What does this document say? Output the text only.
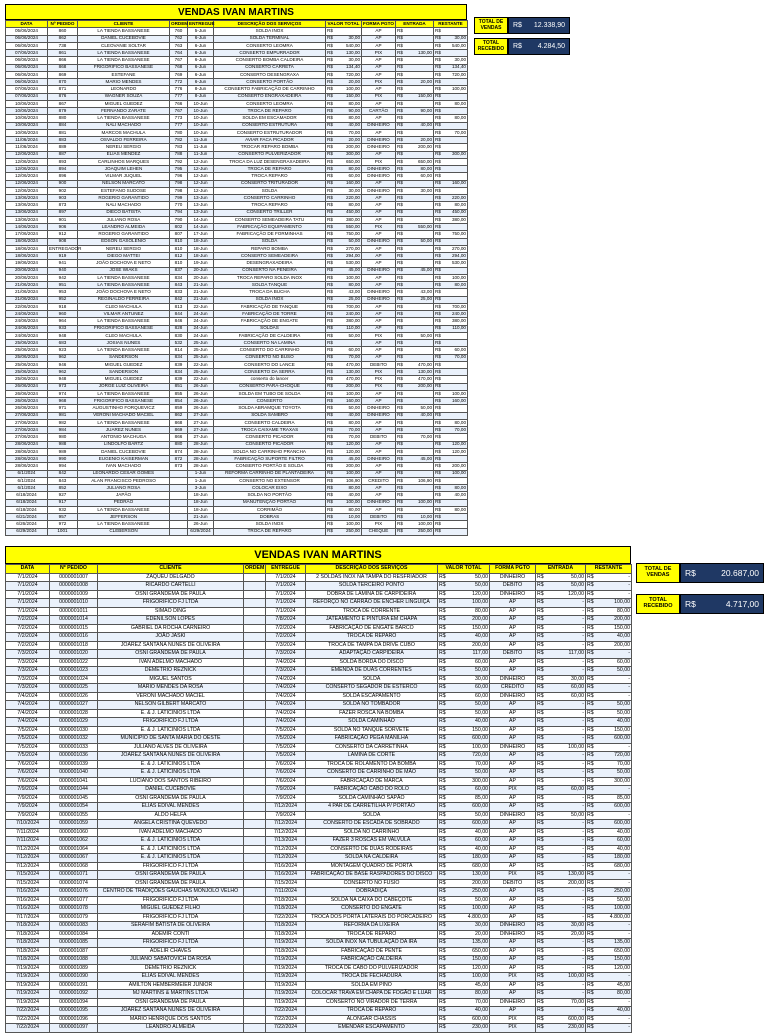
VENDAS IVAN MARTINS
DATA	Nº PEDIDO	CLIENTE	ORDEM	ENTREGUE	DESCRIÇÃO DOS SERVIÇOS	VALOR TOTAL	FORMA PGTO	ENTRADA	RESTANTE
05/06/2024	860	LA TIENDA BASSANESE	760	5-Jun	SOLDA INOX	R$	AP	R$	R$

06/06/2024	862	DANIEL CUCEBOVIE	762	6-Jun	SOLDA TERMINAL	R$ 30,00	AP	R$	R$ 30,00

06/06/2024	738	CLEOVANIE SOLTAR	763	6-Jun	CONSERTO LEOMRA	R$ 540,00	AP	R$	R$ 540,00

07/06/2024	861	LA TIENDA BASSANESE	764	6-Jun	CONSERTO EMPURRADOR	R$ 130,00	PIX	R$ 130,00	R$

06/06/2024	866	LA TIENDA BASSANESE	767	6-Jun	CONSERTO BOMBA CALDEIRA	R$ 30,00	AP	R$	R$ 30,00

06/06/2024	868	FRIGORIFICO BASSANESE	768	6-Jun	CONSERTO CARRETA	R$ 134,40	AP	R$	R$ 134,40

06/06/2024	869	ESTEFANE	769	6-Jun	CONSERTO DESENGRAXA	R$ 720,00	AP	R$	R$ 720,00

06/06/2024	870	MARIO MENDES	772	6-Jun	CONSERTO PORTÃO	R$ 20,00	PIX	R$ 20,00	R$

07/06/2024	871	LEONARDO	776	8-Jun	CONSERTO FABRICAÇÃO DE CARRINHO	R$ 100,00	AP	R$	R$ 100,00

07/06/2024	876	WAGNER SOUZA	777	8-Jun	CONSERTO ENGRAXADEIRA	R$ 150,00	PIX	R$ 150,00	R$

10/06/2024	867	MIGUEL GUEDEZ	766	10-Jun	CONSERTO LEOMRA	R$ 80,00	AP	R$	R$ 80,00

10/06/2024	879	FERNANDO ZARATE	767	10-Jun	TROCA DE REPARO	R$ 90,00	CARTÃO	R$ 90,00	R$

10/06/2024	880	LA TIENDA BASSANESE	773	10-Jun	SOLDA EM ESCAMADOR	R$ 80,00	AP	R$	R$ 80,00

10/06/2024	884	NALI MACHADO	777	10-Jun	CONSERTO ESTRUTURA	R$ 40,00	DINHEIRO	R$ 40,00	R$

10/06/2024	881	MARCOS MACHULA	780	10-Jun	CONSERTO ESTRUTURADOR	R$ 70,00	AP	R$	R$ 70,00

11/06/2024	883	OSVALDO FERREIRA	782	11-Jun	AVIAR FACA PICADOR	R$ 20,00	DINHEIRO	R$ 20,00	R$

11/06/2024	889	NEREU SERGIO	783	11-Jun	TROCAR REPARO BOMBA	R$ 200,00	DINHEIRO	R$ 200,00	R$

12/06/2024	887	ELIAS MENDEZ	788	11-Jun	CONSERTO PULVERIZADOR	R$ 300,00	AP	R$	R$ 300,00

12/06/2024	893	CARLINHOS MARQUES	792	12-Jun	TROCA DA LUZ DESENGRAXADEIRA	R$ 650,00	PIX	R$ 650,00	R$

12/06/2024	894	JOAQUIM LEHEN	795	12-Jun	TROCA DE REPARO	R$ 80,00	DINHEIRO	R$ 80,00	R$

12/06/2024	896	VILMAR JUQUEL	796	12-Jun	TROCA REPARO	R$ 60,00	DINHEIRO	R$ 60,00	R$

12/06/2024	900	NELSON MARCATO	798	12-Jun	CONSERTO TRITURADOR	R$ 160,00	AP	R$	R$ 160,00

12/06/2024	902	ESTEFANO SUDOSE	798	12-Jun	SOLDA	R$ 30,00	DINHEIRO	R$ 30,00	R$

13/06/2024	903	ROGERIO GARANTIDO	799	13-Jun	CONSERTO CARRINHO	R$ 220,00	AP	R$	R$ 220,00

13/06/2024	873	NALI MACHADO	770	13-Jun	TROCA REPARO	R$ 80,00	AP	R$	R$ 80,00

13/06/2024	897	DIECO BATISTA	794	13-Jun	CONSERTO TRILLER	R$ 450,00	AP	R$	R$ 450,00

13/06/2024	901	JULIANO ROSA	790	14-Jun	CONSERTO SEMEADEIRA TATU	R$ 380,00	AP	R$	R$ 380,00

14/06/2024	906	LEANDRO ALMEIDA	802	14-Jun	FABRICAÇÃO EQUIPAMENTO	R$ 550,00	PIX	R$ 550,00	R$

17/06/2024	912	ROGERIO GARANTIDO	807	17-Jun	FABRICAÇÃO DE FORMINHAS	R$ 750,00	AP	R$	R$ 750,00

18/06/2024	908	EDSON GASOLENIO	810	18-Jun	SOLDA	R$ 50,00	DINHEIRO	R$ 50,00	R$

18/06/2024	ENTREGADOR	NEREU SERGIO	810	18-Jun	REPARO BOMBA	R$ 270,00	AP	R$	R$ 270,00

18/06/2024	919	DIEGO MATTEI	812	18-Jun	CONSERTO SEMEADEIRA	R$ 294,00	AP	R$	R$ 294,00

19/06/2024	941	JOÃO DOCHOVA E NETO	810	19-Jun	DESENGRAXADEIRA	R$ 530,00	AP	R$	R$ 530,00

20/06/2024	940	JOSE WIAKS	837	20-Jun	CONSERTO NA PENEIRA	R$ 45,00	DINHEIRO	R$ 45,00	R$

20/06/2024	942	LA TIENDA BASSANESE	834	20-Jun	TROCA REPARO SOLDA INOX	R$ 100,00	AP	R$	R$ 100,00

21/06/2024	951	LA TIENDA BASSANESE	843	21-Jun	SOLDA TANQUE	R$ 80,00	AP	R$	R$ 80,00

21/06/2024	953	JOÃO DOCHOVA E NETO	833	21-Jun	TROCA DA BUCHA	R$ 43,00	DINHEIRO	R$ 43,00	R$

21/06/2024	952	REGINALDO FERREIRA	842	21-Jun	SOLDA INOX	R$ 25,00	DINHEIRO	R$ 25,00	R$

22/06/2024	918	CLEO MACHULA	813	22-Jun	FABRICAÇÃO DE TANQUE	R$ 700,00	AP	R$	R$ 700,00

24/06/2024	960	VILMAR ANTUNEZ	844	24-Jun	FABRICAÇÃO DE TORRE	R$ 240,00	AP	R$	R$ 240,00

24/06/2024	964	LA TIENDA BASSANESE	846	24-Jun	FABRICAÇÃO DE ENGATE	R$ 380,00	AP	R$	R$ 380,00

24/06/2024	933	FRIGORIFICO BASSANESE	828	24-Jun	SOLDAS	R$ 110,00	AP	R$	R$ 110,00

24/06/2024	948	CLEO MACHULA	830	24-Jun	FABRICAÇÃO DE CALDEIRA	R$ 50,00	PIX	R$ 50,00	R$

25/06/2024	683	JOSIAS NUNES	532	25-Jun	CONSERTO NA LAMINA	R$	AP	R$	R$

25/06/2024	923	LA TIENDA BASSANESE	814	25-Jun	CONSERTO DO CARRINHO	R$ 60,00	AP	R$	R$ 60,00

25/06/2024	962	SANDERSON	834	25-Jun	CONSERTO NO BUSO	R$ 70,00	AP	R$	R$ 70,00

25/06/2024	946	MIGUEL GUEDEZ	839	22-Jun	CONSERTO DO LANCE	R$ 470,00	DEBITO	R$ 470,00	R$

25/06/2024	962	SANDERSON	834	25-Jun	CONSERTO DA SERRA	R$ 130,00	PIX	R$ 130,00	R$

25/06/2024	948	MIGUEL GUEDEZ	839	22-Jun	conserto do lancer	R$ 470,00	PIX	R$ 470,00	R$

26/06/2024	973	JORGE LUIZ OLIVEIRA	851	26-Jun	CONSERTO PARA-CHOQUE	R$ 200,00	PIX	R$ 200,00	R$

26/06/2024	974	LA TIENDA BASSANESE	855	26-Jun	SOLDA EM TUBO DE SOLDA	R$ 100,00	AP	R$	R$ 100,00

26/06/2024	968	FRIGORIFICO BASSANESE	854	26-Jun	CONSERTO	R$ 160,00	AP	R$	R$ 160,00

26/06/2024	971	AUGUSTINHO FORQUEVICZ	859	26-Jun	SOLDA ABRAMQUE TOYOTA	R$ 50,00	DINHEIRO	R$ 50,00	R$

27/06/2024	981	VERONI MACHADO MACIEL	862	27-Jun	SOLDA SAMBRO	R$ 40,00	DINHEIRO	R$ 40,00	R$

27/06/2024	982	LA TIENDA BASSANESE	868	27-Jun	CONSERTO CALDEIRA	R$ 80,00	AP	R$	R$ 80,00

27/06/2024	984	JUAREZ NUNES	869	27-Jun	TROCA CAIXAME TRAXAS	R$ 70,00	AP	R$	R$ 70,00

27/06/2024	980	ANTONIO MACHUGA	866	27-Jun	CONSERTO PICADOR	R$ 70,00	DEBITO	R$ 70,00	R$

28/06/2024	988	LINDOLFO BARTZ	880	28-Jun	CONSERTO PICADOR	R$ 120,00	AP	R$	R$ 120,00

28/06/2024	989	DANIEL CUCEBOVIE	874	28-Jun	SOLDA NO CARRINHO PRANCHA	R$ 120,00	AP	R$	R$ 120,00

28/06/2024	990	EUGENIO KAISERMAN	872	28-Jun	FABRICAÇÃO SUPORTE FILTRO	R$ 45,00	DINHEIRO	R$ 45,00	R$

28/06/2024	994	IVAN MACHADO	873	28-Jun	CONSERTO PORTÃO E SOLDA	R$ 200,00	AP	R$	R$ 200,00

6/1/2024	842	LEONARDO CESAR GOMES		1-Jun	REFORMA CARRINHO DE PLANTADEIRA	R$ 100,00	AP	R$	R$ 100,00

6/1/2024	843	ALAN FRANCISCO PEDROSO		1-Jun	CONSERTO NO EXTENSOR	R$ 106,90	CREDITO	R$ 106,90	R$

6/1/2024	852	JULIANO ROSA		3-Jun	COLOCAR EIXO	R$ 80,00	AP	R$	R$ 80,00

6/18/2024	927	JAPÃO		18-Jun	SOLDA NO PORTÃO	R$ 40,00	AP	R$	R$ 40,00

6/18/2024	917	PEDRÃO		18-Jun	MANUTENÇÃO PORTÃO	R$ 100,00	DINHEIRO	R$ 100,00	R$

6/18/2024	932	LA TIENDA BASSANESE		18-Jun	CORRIMÃO	R$ 80,00	AP	R$	R$ 80,00

6/21/2024	957	JEFFERSON		21-Jun	DOBRAS	R$ 10,00	DEBITO	R$ 10,00	R$

6/26/2024	972	LA TIENDA BASSANESE		26-Jun	SOLDA INOX	R$ 100,00	PIX	R$ 100,00	R$

6/29/2024	1001	CLEBERSON		6/29/2024	TROCA DE REPARO	R$ 250,00	CHEQUE	R$ 250,00	R$
TOTAL DE VENDAS	R$ 12.338,90
TOTAL RECEBIDO	R$ 4.284,50
VENDAS IVAN MARTINS
DATA	Nº PEDIDO	CLIENTE	ORDEM	ENTREGUE	DESCRIÇÃO DOS SERVIÇOS	VALOR TOTAL	FORMA PGTO	ENTRADA	RESTANTE
7/1/2024	0000001007	ZAQUEU DELGADO		7/1/2024	2 SOLDAS INOX NA TAMPA DO RESFRIADOR	R$ 50,00	DINHEIRO	R$ 50,00	R$ -

7/1/2024	0000001008	RICARDO CARTELLI		7/1/2024	SOLDA TERCEIRO PONTO	R$ 50,00	DEBITO	R$ 50,00	R$ -

7/1/2024	0000001009	OSNI GRANDEMA DE PAULA		7/1/2024	DOBRA DE LAMINA DE CARPIDEIRA	R$ 120,00	DINHEIRO	R$ 120,00	R$ -

7/1/2024	0000001010	FRIGORIFICO FJ LTDA		7/1/2024	REFORÇO NO CARRÃO DE ENCHER LINGUIÇA	R$ 100,00	AP	R$ -	R$ 100,00

7/1/2024	0000001011	SIMAO DING		7/1/2024	TROCA DE CORRENTE	R$ 80,00	AP	R$ -	R$ 80,00

7/2/2024	0000001014	EDENILSON LOPES		7/8/2024	JATEAMENTO E PINTURA EM CHAPA	R$ 200,00	AP	R$ -	R$ 200,00

7/2/2024	0000001015	GABRIEL DA ROCHA CARNEIRO		7/2/2024	FABRICAÇÃO DE ENGATE BARCO	R$ 150,00	AP	R$ -	R$ 150,00

7/2/2024	0000001016	JOÃO JASKI		7/2/2024	TROCA DE REPARO	R$ 40,00	AP	R$ -	R$ 40,00

7/2/2024	0000001018	JOAREZ SANTANA NUNES DE OLIVEIRA		7/3/2024	TROCA DE TAMPA DA DRIVE CUBO	R$ 200,00	AP	R$ -	R$ 200,00

7/3/2024	0000001020	OSNI GRANDEMA DE PAULA		7/3/2024	ADAPTAÇÃO CARPIDEIRA	R$ 117,00	DEBITO	R$ 117,00	R$ -

7/3/2024	0000001022	IVAN ADELMO MACHADO		7/4/2024	SOLDA BORDA DO DISCO	R$ 60,00	AP	R$ -	R$ 60,00

7/3/2024	0000001023	DEMETRIO REZNICK		7/3/2024	EMENDA DE DUAS CORRENTES	R$ 50,00	AP	R$ -	R$ 50,00

7/3/2024	0000001024	MIGUEL SANTOS		7/4/2024	SOLDA	R$ 30,00	DINHEIRO	R$ 30,00	R$ -

7/3/2024	0000001025	MARIO MENDES DA ROSA		7/4/2024	CONSERTO SEGADOR DE ESTERCO	R$ 60,00	CREDITO	R$ 60,00	R$ -

7/4/2024	0000001026	VERONI MACHADO MACIEL		7/4/2024	SOLDA ESCAPAMENTO	R$ 60,00	DINHEIRO	R$ 60,00	R$ -

7/4/2024	0000001027	NELSON GILBERT MARCATO		7/4/2024	SOLDA NO TOMBADOR	R$ 50,00	AP	R$ -	R$ 50,00

7/4/2024	0000001028	E. & J. LATICINIOS LTDA		7/4/2024	FAZER ROSCA NA BOMBA	R$ 50,00	AP	R$ -	R$ 50,00

7/4/2024	0000001029	FRIGORIFICO FJ LTDA		7/4/2024	SOLDA CAMINHÃO	R$ 40,00	AP	R$ -	R$ 40,00

7/5/2024	0000001030	E. & J. LATICINIOS LTDA		7/5/2024	SOLDA NO TANQUE SORVETE	R$ 150,00	AP	R$ -	R$ 150,00

7/5/2024	0000001032	MUNICIPIO DE SANTA MARIA DO OESTE		7/5/2024	FABRICAÇÃO PEGA MANILHA	R$ 600,00	AP	R$ -	R$ 600,00

7/5/2024	0000001033	JULIANO ALVES DE OLIVEIRA		7/5/2024	CONSERTO DA CARRETINHA	R$ 100,00	DINHEIRO	R$ 100,00	R$ -

7/5/2024	0000001036	JOAREZ SANTANA NUNES DE OLIVEIRA		7/5/2024	LAMINA DE CORTE	R$ 720,00	AP	R$ -	R$ 720,00

7/6/2024	0000001039	E. & J. LATICINIOS LTDA		7/6/2024	TROCA DE ROLAMENTO DA BOMBA	R$ 70,00	AP	R$ -	R$ 70,00

7/6/2024	0000001040	E. & J. LATICINIOS LTDA		7/6/2024	CONSERTO DE CARRINHO DE MÃO	R$ 50,00	AP	R$ -	R$ 50,00

7/6/2024	0000001041	LUCIANO DOS SANTOS RIBEIRO		7/6/2024	FABRICAÇÃO DE MARCA	R$ 300,00	AP	R$ -	R$ 300,00

7/9/2024	0000001044	DANIEL CUCEBOVIE		7/9/2024	FABRICAÇÃO CABO DO ROLO	R$ 60,00	PIX	R$ 60,00	R$ -

7/9/2024	0000001045	OSNI GRANDEMA DE PAULA		7/9/2024	SOLDA CAMINHÃO SAPÃO	R$ 85,00	AP	R$ -	R$ 85,00

7/9/2024	0000001054	ELIAS EDIVAL MENDES		7/12/2024	4 PAR DE CARRETILHA P/ PORTÃO	R$ 600,00	AP	R$ -	R$ 600,00

7/9/2024	0000001055	ALDO HELFA		7/9/2024	SOLDA	R$ 50,00	DINHEIRO	R$ 50,00	R$ -

7/10/2024	0000001059	ANGELA CRISTINA QUEVEDO		7/12/2024	CONSERTO DE ESCADA DE SOBRADO	R$ 600,00	AP	R$ -	R$ 600,00

7/11/2024	0000001060	IVAN ADELMO MACHADO		7/12/2024	SOLDA NO CARRINHO	R$ 40,00	AP	R$ -	R$ 40,00

7/11/2024	0000001062	E. & J. LATICINIOS LTDA		7/13/2024	FAZER 3 ROSCAS EM VALVULA	R$ 60,00	AP	R$ -	R$ 60,00

7/12/2024	0000001064	E. & J. LATICINIOS LTDA		7/12/2024	CONSERTO DE DUAS RODEIRAS	R$ 40,00	AP	R$ -	R$ 40,00

7/12/2024	0000001067	E. & J. LATICINIOS LTDA		7/12/2024	SOLDA NA CALDEIRA	R$ 180,00	AP	R$ -	R$ 180,00

7/12/2024	0000001068	FRIGORIFICO FJ LTDA		7/16/2024	MONTAGEM QUADRO DE PORTA	R$ 680,00	AP	R$ -	R$ 680,00

7/15/2024	0000001071	OSNI GRANDEMA DE PAULA		7/16/2024	FABRICAÇÃO DE BASE RASPADORES DO DISCO	R$ 130,00	PIX	R$ 130,00	R$ -

7/15/2024	0000001074	OSNI GRANDEMA DE PAULA		7/15/2024	CONSERTO NO FUSÍO	R$ 200,00	DEBITO	R$ 200,00	R$ -

7/16/2024	0000001076	CENTRO DE TRADIÇÕES GAÚCHAS MONJOLO VELHO		7/11/2024	DOBRADIÇA	R$ 250,00	AP	R$ -	R$ 250,00

7/16/2024	0000001077	FRIGORIFICO FJ LTDA		7/18/2024	SOLDA NA CAIXA DO CABEÇOTE	R$ 50,00	AP	R$ -	R$ 50,00

7/16/2024	0000001078	MIGUEL GUEDEZ FILHO		7/18/2024	CONSERTO DO ENGATE	R$ 100,00	AP	R$ -	R$ 100,00

7/17/2024	0000001079	FRIGORIFICO FJ LTDA		7/22/2024	TROCA DOS PORTA LATERAIS DO PORCADEIRO	R$ 4.800,00	AP	R$ -	R$ 4.800,00

7/18/2024	0000001083	SERAFIM BATISTA DE OLIVEIRA		7/18/2024	REFORMA DA LIXEIRA	R$ 30,00	DINHEIRO	R$ 30,00	R$ -

7/18/2024	0000001084	ADEMIR CONTI		7/18/2024	TROCA DE REPARO	R$ 20,00	DINHEIRO	R$ 20,00	R$ -

7/18/2024	0000001085	FRIGORIFICO FJ LTDA		7/19/2024	SOLDA INOX NA TUBULAÇÃO DA IRA	R$ 135,00	AP	R$ -	R$ 135,00

7/18/2024	0000001087	ADELIR CHAVES		7/18/2024	FABRICAÇÃO DE PENTE	R$ 650,00	AP	R$ -	R$ 650,00

7/18/2024	0000001088	JULIANO SABATOVICH DA ROSA		7/19/2024	FABRICAÇÃO CALDEIRA	R$ 150,00	AP	R$ -	R$ 150,00

7/19/2024	0000001089	DEMETRIO REZNICK		7/19/2024	TROCA DE CABO DO PULVERIZADOR	R$ 120,00	AP	R$ -	R$ 120,00

7/19/2024	0000001090	ELIAS EDIVAL MENDES		7/19/2024	TROCA DE FECHADURA	R$ 100,00	PIX	R$ 100,00	R$ -

7/19/2024	0000001091	AMILTON HEMBERMEIER JUNIOR		7/19/2024	SOLDA EM PINO	R$ 45,00	AP	R$ -	R$ 45,00

7/19/2024	0000001092	MJ MARTINS & MARTINS LTDA		7/19/2024	COLOCAR TRAVA EM CHAPA DE FOGÃO E LUAR	R$ 80,00	AP	R$ -	R$ 80,00

7/19/2024	0000001094	OSNI GRANDEMA DE PAULA		7/19/2024	CONSERTO NO VIRADOR DE TERRA	R$ 70,00	DINHEIRO	R$ 70,00	R$ -

7/22/2024	0000001095	JOAREZ SANTANA NUNES DE OLIVEIRA		7/22/2024	TROCA DE REPARO	R$ 40,00	AP	R$ -	R$ 40,00

7/22/2024	0000001096	MARIO HENRIQUE DOS SANTOS		7/22/2024	ALONGAR CHASSIS	R$ 600,00	PIX	R$ 600,00	R$ -

7/22/2024	0000001097	LEANDRO ALMEIDA		7/22/2024	EMENDAR ESCAPAMENTO	R$ 230,00	PIX	R$ 230,00	R$ -
TOTAL DE VENDAS	R$	20.687,00
TOTAL RECEBIDO	R$	4.717,00
